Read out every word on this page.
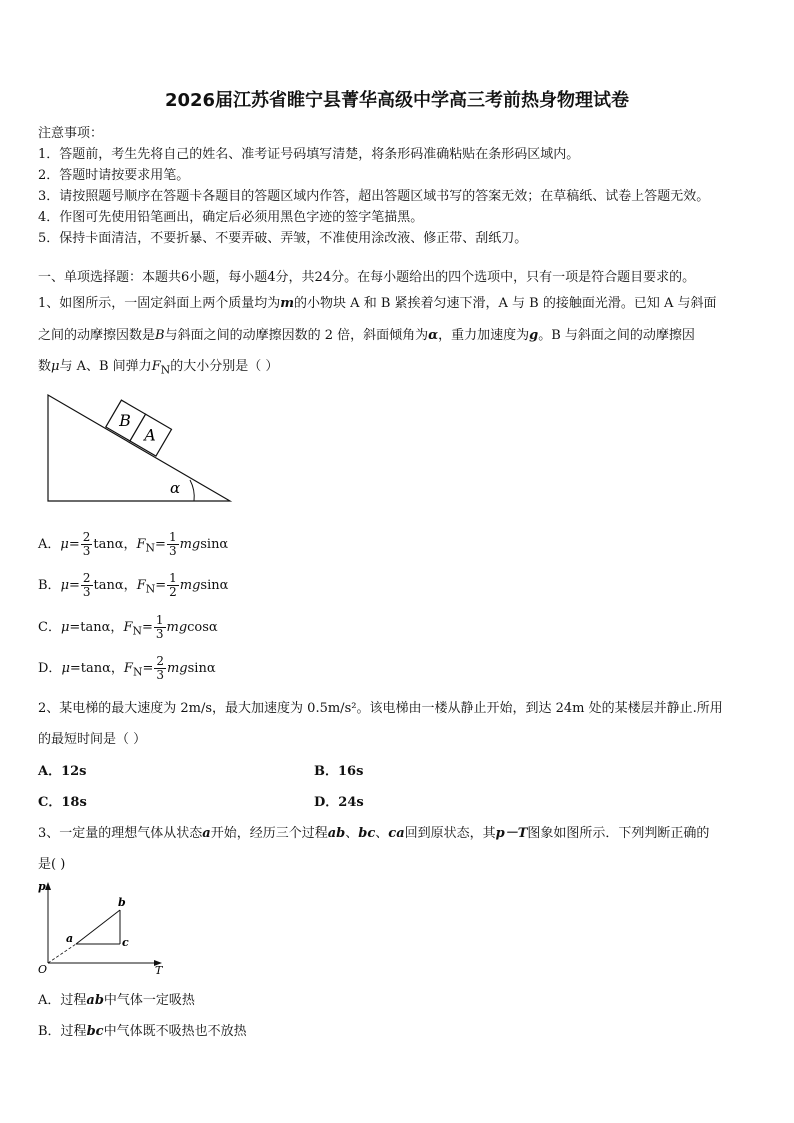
2026届江苏省睢宁县菁华高级中学高三考前热身物理试卷
注意事项：
1．答题前，考生先将自己的姓名、准考证号码填写清楚，将条形码准确粘贴在条形码区域内。
2．答题时请按要求用笔。
3．请按照题号顺序在答题卡各题目的答题区域内作答，超出答题区域书写的答案无效；在草稿纸、试卷上答题无效。
4．作图可先使用铅笔画出，确定后必须用黑色字迹的签字笔描黑。
5．保持卡面清洁，不要折暴、不要弄破、弄皱，不准使用涂改液、修正带、刮纸刀。
一、单项选择题：本题共6小题，每小题4分，共24分。在每小题给出的四个选项中，只有一项是符合题目要求的。
1、如图所示，一固定斜面上两个质量均为m的小物块 A 和 B 紧挨着匀速下滑，A 与 B 的接触面光滑。已知 A 与斜面
之间的动摩擦因数是B与斜面之间的动摩擦因数的 2 倍，斜面倾角为α，重力加速度为g。B 与斜面之间的动摩擦因
数μ与 A、B 间弹力$F_N$的大小分别是（ ）
B
A
α
A．$\mu= \frac{2}{3}$ tanα，$F_N= \frac{1}{3}$ mgsinα
B．$\mu= \frac{2}{3}$ tanα，$F_N= \frac{1}{2}$ mgsinα
C．μ=tanα，$F_N= \frac{1}{3}$ mgcosα
D．μ=tanα，$F_N= \frac{2}{3}$ mgsinα
2、某电梯的最大速度为 2m/s，最大加速度为 0.5m/s²。该电梯由一楼从静止开始，到达 24m 处的某楼层并静止.所用
的最短时间是（ ）
A．12s	B．16s
C．18s	D．24s
3、一定量的理想气体从状态a开始，经历三个过程ab、bc、ca回到原状态，其p－T图象如图所示．下列判断正确的
是( )
p
T
O
a
b
c
A．过程ab中气体一定吸热
B．过程bc中气体既不吸热也不放热
